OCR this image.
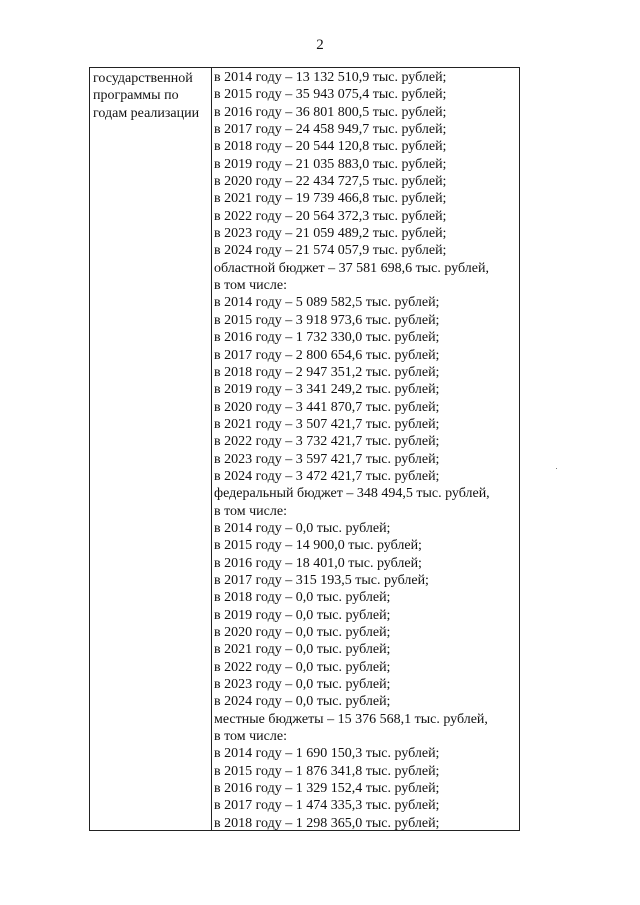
2
государственной
программы по
годам реализации
в 2014 году – 13 132 510,9 тыс. рублей;
в 2015 году – 35 943 075,4 тыс. рублей;
в 2016 году – 36 801 800,5 тыс. рублей;
в 2017 году – 24 458 949,7 тыс. рублей;
в 2018 году – 20 544 120,8 тыс. рублей;
в 2019 году – 21 035 883,0 тыс. рублей;
в 2020 году – 22 434 727,5 тыс. рублей;
в 2021 году – 19 739 466,8 тыс. рублей;
в 2022 году – 20 564 372,3 тыс. рублей;
в 2023 году – 21 059 489,2 тыс. рублей;
в 2024 году – 21 574 057,9 тыс. рублей;
областной бюджет – 37 581 698,6 тыс. рублей,
в том числе:
в 2014 году – 5 089 582,5 тыс. рублей;
в 2015 году – 3 918 973,6 тыс. рублей;
в 2016 году – 1 732 330,0 тыс. рублей;
в 2017 году – 2 800 654,6 тыс. рублей;
в 2018 году – 2 947 351,2 тыс. рублей;
в 2019 году – 3 341 249,2 тыс. рублей;
в 2020 году – 3 441 870,7 тыс. рублей;
в 2021 году – 3 507 421,7 тыс. рублей;
в 2022 году – 3 732 421,7 тыс. рублей;
в 2023 году – 3 597 421,7 тыс. рублей;
в 2024 году – 3 472 421,7 тыс. рублей;
федеральный бюджет – 348 494,5 тыс. рублей,
в том числе:
в 2014 году – 0,0 тыс. рублей;
в 2015 году – 14 900,0 тыс. рублей;
в 2016 году – 18 401,0 тыс. рублей;
в 2017 году – 315 193,5 тыс. рублей;
в 2018 году – 0,0 тыс. рублей;
в 2019 году – 0,0 тыс. рублей;
в 2020 году – 0,0 тыс. рублей;
в 2021 году – 0,0 тыс. рублей;
в 2022 году – 0,0 тыс. рублей;
в 2023 году – 0,0 тыс. рублей;
в 2024 году – 0,0 тыс. рублей;
местные бюджеты – 15 376 568,1 тыс. рублей,
в том числе:
в 2014 году – 1 690 150,3 тыс. рублей;
в 2015 году – 1 876 341,8 тыс. рублей;
в 2016 году – 1 329 152,4 тыс. рублей;
в 2017 году – 1 474 335,3 тыс. рублей;
в 2018 году – 1 298 365,0 тыс. рублей;
